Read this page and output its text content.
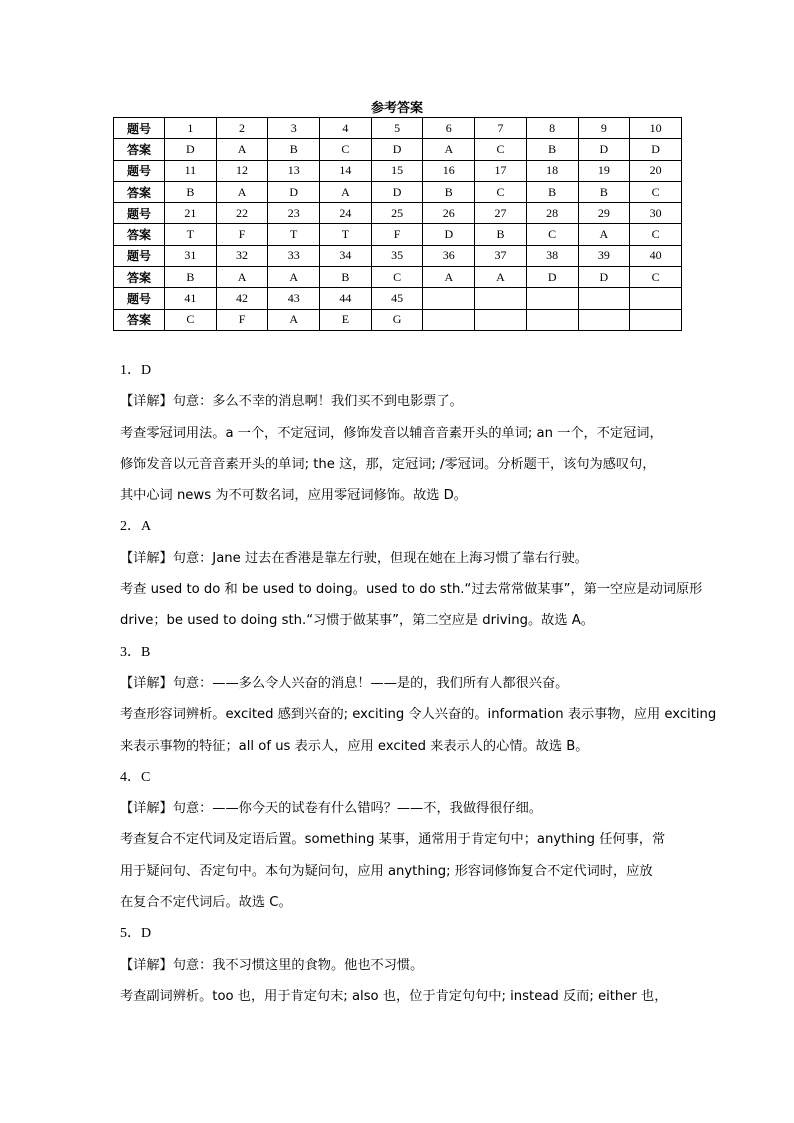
参考答案
题号	1	2	3	4	5	6	7	8	9	10
答案	D	A	B	C	D	A	C	B	D	D
题号	11	12	13	14	15	16	17	18	19	20
答案	B	A	D	A	D	B	C	B	B	C
题号	21	22	23	24	25	26	27	28	29	30
答案	T	F	T	T	F	D	B	C	A	C
题号	31	32	33	34	35	36	37	38	39	40
答案	B	A	A	B	C	A	A	D	D	C
题号	41	42	43	44	45					
答案	C	F	A	E	G					

1．D

【详解】句意：多么不幸的消息啊！我们买不到电影票了。

考查零冠词用法。a 一个，不定冠词，修饰发音以辅音音素开头的单词; an 一个，不定冠词，

修饰发音以元音音素开头的单词; the 这，那，定冠词; /零冠词。分析题干，该句为感叹句，

其中心词 news 为不可数名词，应用零冠词修饰。故选 D。

2．A

【详解】句意：Jane 过去在香港是靠左行驶，但现在她在上海习惯了靠右行驶。

考查 used to do 和 be used to doing。used to do sth.“过去常常做某事”，第一空应是动词原形

drive；be used to doing sth.“习惯于做某事”，第二空应是 driving。故选 A。

3．B

【详解】句意：——多么令人兴奋的消息！——是的，我们所有人都很兴奋。

考查形容词辨析。excited 感到兴奋的; exciting 令人兴奋的。information 表示事物，应用 exciting

来表示事物的特征；all of us 表示人，应用 excited 来表示人的心情。故选 B。

4．C

【详解】句意：——你今天的试卷有什么错吗？——不，我做得很仔细。

考查复合不定代词及定语后置。something 某事，通常用于肯定句中；anything 任何事，常

用于疑问句、否定句中。本句为疑问句，应用 anything; 形容词修饰复合不定代词时，应放

在复合不定代词后。故选 C。

5．D

【详解】句意：我不习惯这里的食物。他也不习惯。

考查副词辨析。too 也，用于肯定句末; also 也，位于肯定句句中; instead 反而; either 也，
